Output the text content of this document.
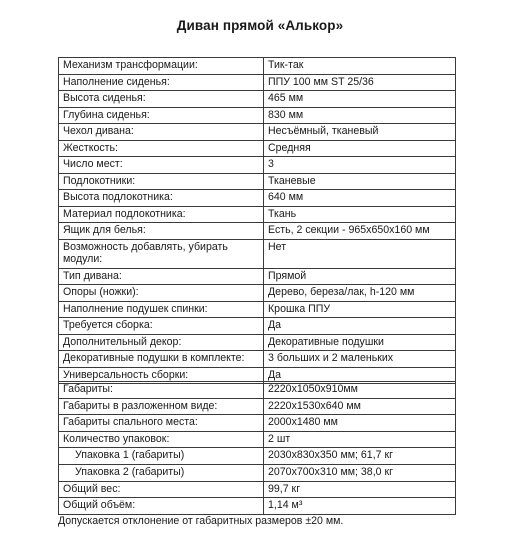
Диван прямой «Алькор»
Механизм трансформации:	Тик-так
Наполнение сиденья:	ППУ 100 мм ST 25/36
Высота сиденья:	465 мм
Глубина сиденья:	830 мм
Чехол дивана:	Несъёмный, тканевый
Жесткость:	Средняя
Число мест:	3
Подлокотники:	Тканевые
Высота подлокотника:	640 мм
Материал подлокотника:	Ткань
Ящик для белья:	Есть, 2 секции - 965х650х160 мм
Возможность добавлять, убирать модули:	Нет
Тип дивана:	Прямой
Опоры (ножки):	Дерево, береза/лак, h-120 мм
Наполнение подушек спинки:	Крошка ППУ
Требуется сборка:	Да
Дополнительный декор:	Декоративные подушки
Декоративные подушки в комплекте:	3 больших и 2 маленьких
Универсальность сборки:	Да
Габариты:	2220х1050х910мм
Габариты в разложенном виде:	2220х1530х640 мм
Габариты спального места:	2000х1480 мм
Количество упаковок:	2 шт
Упаковка 1 (габариты)	2030х830х350 мм; 61,7 кг
Упаковка 2 (габариты)	2070х700х310 мм; 38,0 кг
Общий вес:	99,7 кг
Общий объём:	1,14 м³
Допускается отклонение от габаритных размеров ±20 мм.
